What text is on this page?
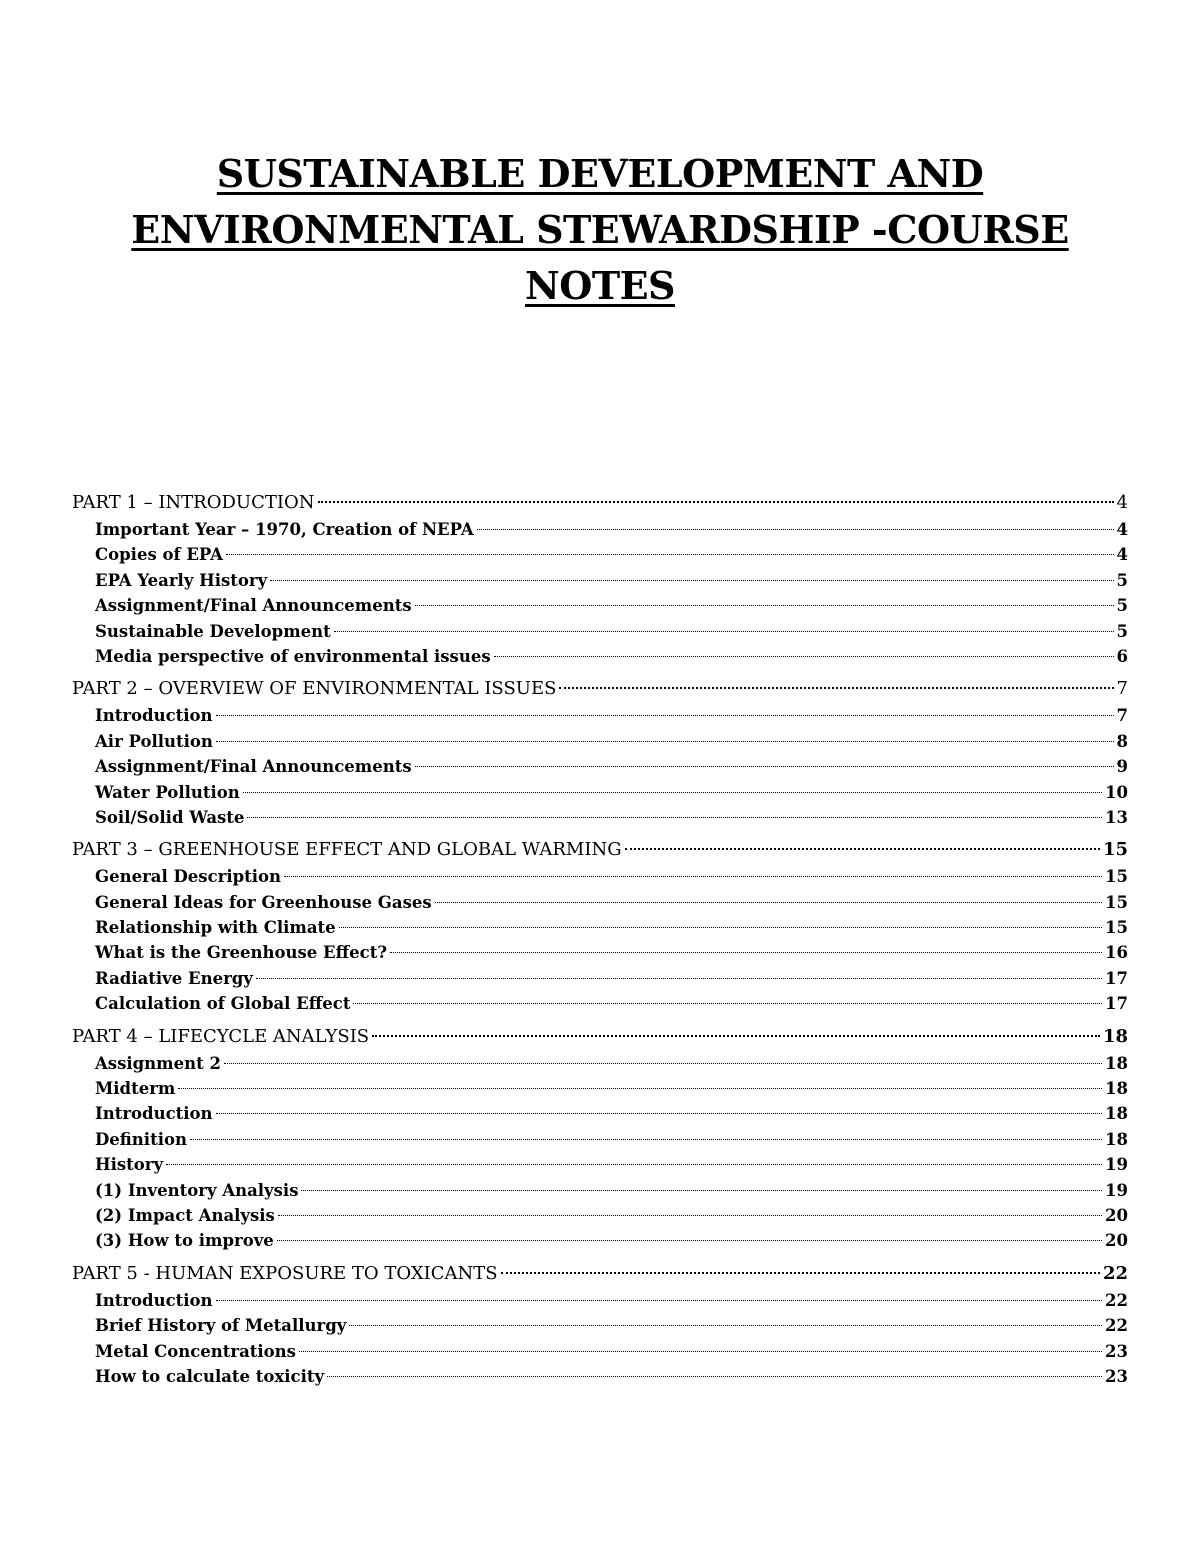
SUSTAINABLE DEVELOPMENT AND
ENVIRONMENTAL STEWARDSHIP -COURSE
NOTES
PART 1 – INTRODUCTION	4
Important Year – 1970, Creation of NEPA	4
Copies of EPA	4
EPA Yearly History	5
Assignment/Final Announcements	5
Sustainable Development	5
Media perspective of environmental issues	6
PART 2 – OVERVIEW OF ENVIRONMENTAL ISSUES	7
Introduction	7
Air Pollution	8
Assignment/Final Announcements	9
Water Pollution	10
Soil/Solid Waste	13
PART 3 – GREENHOUSE EFFECT AND GLOBAL WARMING	15
General Description	15
General Ideas for Greenhouse Gases	15
Relationship with Climate	15
What is the Greenhouse Effect?	16
Radiative Energy	17
Calculation of Global Effect	17
PART 4 – LIFECYCLE ANALYSIS	18
Assignment 2	18
Midterm	18
Introduction	18
Definition	18
History	19
(1) Inventory Analysis	19
(2) Impact Analysis	20
(3) How to improve	20
PART 5 - HUMAN EXPOSURE TO TOXICANTS	22
Introduction	22
Brief History of Metallurgy	22
Metal Concentrations	23
How to calculate toxicity	23
